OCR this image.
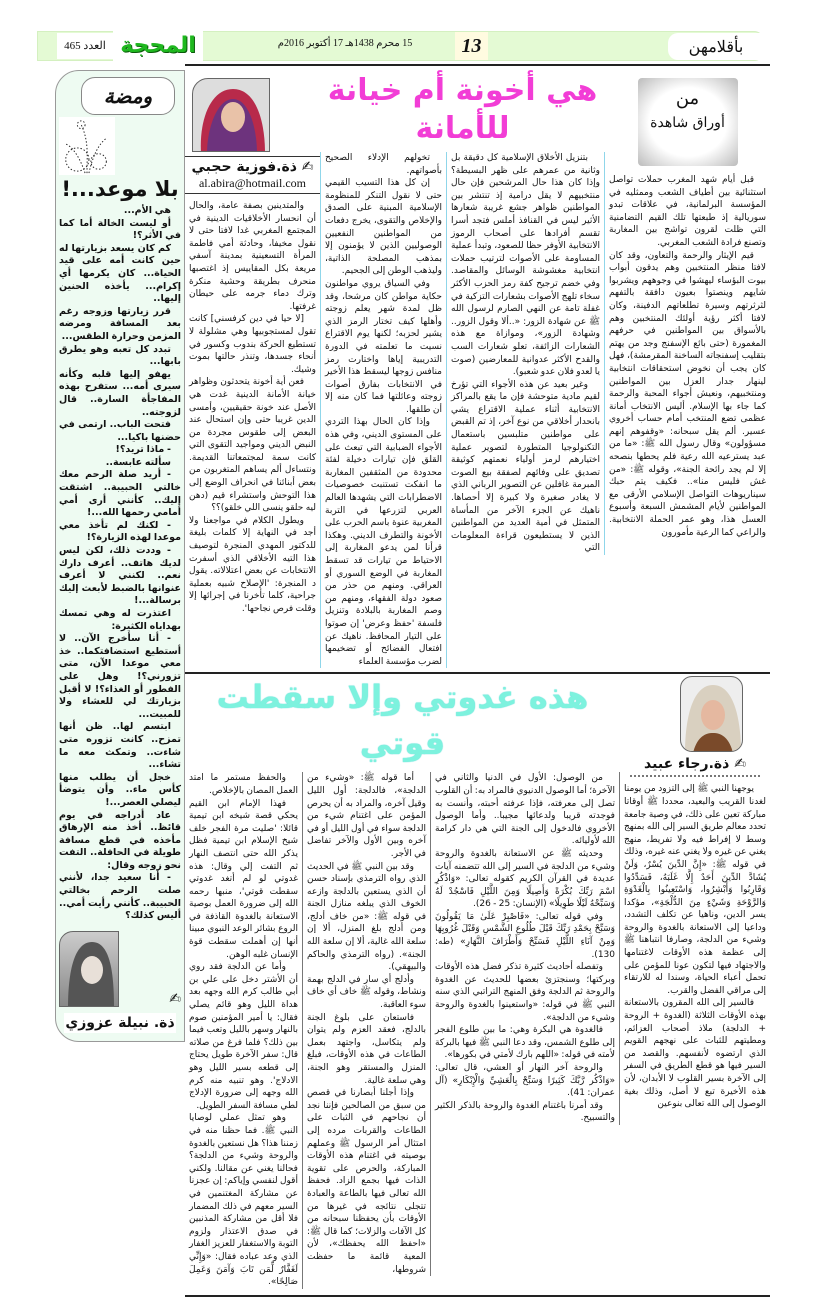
العدد 465 المحجة	15 محرم 1438هـ 17 أكتوبر 2016م	13	بأقلامهن
ومضة
بلا موعد...!

هي الأم...

أو ليست الخالة أما كما في الأثر؟!

كم كان يسعد بزيارتها له حين كانت أمه على قيد الحياة... كان يكرمها أي إكرام... يأخذه الحنين إليها..

قرر زيارتها وزوجه رغم بعد المسافة ومرضه المزمن وحرارة الطقس...

تبدد كل تعبه وهو يطرق بابها...

يهفو إليها قلبه وكأنه سيرى أمه... ستفرح بهذه المفاجأة السارة.. قال لزوجته..

فتحت الباب.. ارتمى في حضنها باكيا...

- ماذا تريد؟!

سألته عابسة..

- أريد صلة الرحم معك خالتي الحبيبة.. اشتقت إليك.. كأنني أرى أمي أمامي رحمها الله...!

- لكنك لم تأخذ معي موعدا لهذه الزيارة؟!

- وددت ذلك، لكن ليس لديك هاتف.. أعرف دارك نعم.. لكنني لا أعرف عنوانها بالضبط لأبعث إليك برسالة...!

اعتذرت له وهي تمسك بهداياه الكثيرة:

- أنا سأخرج الآن.. لا أستطيع استضافتكما.. خذ معي موعدا الآن، متى تزورني؟! وهل على الفطور أو الغذاء؟! لا أقبل بزيارتك لي للعشاء ولا للمبيت...

ابتسم لها.. ظن أنها تمزح.. كانت تزوره متى شاءت.. وتمكث معه ما تشاء...

خجل أن يطلب منها كأس ماء.. وأن يتوضأ ليصلي العصر...!

عاد أدراجه في يوم قائظ.. أخذ منه الإرهاق مأخذه في قطع مسافة طويلة في الحافلة.. التفت نحو زوجه وقال:

- أنا سعيد جدا، لأنني صلت الرحم بخالتي الحبيبة.. كأنني رأيت أمي.. أليس كذلك؟

✍
ذة. نبيلة عزوزي
✍ ذة.فوزية حجبي
al.abira@hotmail.com

والمتدينين بصفة عامة، والحال أن انحسار الأخلاقيات الدينية في المجتمع المغربي غدا لافتا حتى لا نقول مخيفا، وحادثة أمي فاطمة المرأة التسعينية بمدينة آسفي مريعة بكل المقاييس إذ اغتصبها منحرف بطريقة وحشية منكرة وترك دماء جرمه على حيطان غرفتها.

[لا حيا في دين كرفسني] كانت تقول لمستجوبيها وهي مشلولة لا تستطيع الحركة بندوب وكسور في أنحاء جسدها، وتنذر حالتها بموت وشيك.

فعن أية أخونة يتحدثون وظواهر خيانة الأمانة الدينية غدت هي الأصل عند خونة حقيقيين، وأمسى الدين غريبا حتى وإن استحال عند البعض إلى طقوس مجردة من النبض الديني ومواجيد التقوى التي كانت سمة لمجتمعاتنا القديمة. ونتساءل ألم يساهم المتغربون من بعض أبنائنا في انحراف الوضع إلى هذا التوحش واستشراء قيم (دهن ليه حلقو ينسى اللي خلقو)؟؟

ويطول الكلام في مواجعنا ولا أجد في النهاية إلا كلمات بليغة للدكتور المهدي المنجرة لتوصيف هذا التيه الأخلاقي الذي أسفرت الانتخابات عن بعض اعتلالاته. يقول د المنجرة: 'الإصلاح شبيه بعملية جراحية، كلما تأخرنا في إجرائها إلا وقلت فرص نجاحها'.

هي أخونة أم خيانة للأمانة

تخولهم الإدلاء الصحيح بأصواتهم.

إن كل هذا التسيب القيمي حتى لا نقول التنكر للمنظومة الإسلامية المبنية على الصدق والإخلاص والتقوى، يخرج دفعات من المواطنين النفعيين الوصوليين الذين لا يؤمنون إلا بمذهب المصلحة الذاتية، وليذهب الوطن إلى الجحيم.

وفي السياق يروي مواطنون حكاية مواطن كان مرشحا، وقد ظل لمدة شهر يعلم زوجته وأهلها كيف تختار الرمز الذي يشير لحزبه؛ لكنها يوم الاقتراع نسيت ما تعلمته في الدورة التدريبية إياها واختارت رمز منافس زوجها ليسقط هذا الأخير في الانتخابات بفارق أصوات زوجته وعائلتها فما كان منه إلا أن طلقها.

وإذا كان الحال بهذا التردي على المستوى الديني، وفي هذه الأجواء الضبابية التي تبعث على القلق فإن تيارات دخيلة لفئة محدودة من المثقفين المغاربة ما انفكت تستنبت خصوصيات الاضطرابات التي يشهدها العالم العربي لتزرعها في التربة المغربية عنوة باسم الحرب على الأخونة والتطرف الديني. وهكذا قرأنا لمن يدعو المغاربة إلى الاحتياط من تيارات قد تسقط المغاربة في الوضع السوري أو العراقي. ومنهم من حذر من صعود دولة الفقهاء، ومنهم من وصم المغاربة بالبلادة وتنزيل فلسفة 'حفظ وعرض' إن صوتوا على التيار المحافظ. ناهيك عن افتعال الفضائح أو تضخيمها لضرب مؤسسة العلماء

بتنزيل الأخلاق الإسلامية كل دقيقة بل وثانية من عمرهم على ظهر البسيطة؟ وإذا كان هذا حال المرشحين فإن حال منتخبيهم لا يقل درامية إذ تنتشر بين المواطنين ظواهر جشع غريبة شعارها الأثير ليس في القنافذ أملس فتجد أسرا تقسم أفرادها على أصحاب الرموز الانتخابية الأوفر حظا للصعود، وتبدأ عملية المساومة على الأصوات لترتيب حملات انتخابية مغشوشة الوسائل والمقاصد. وفي خضم ترجيح كفة رمز الحزب الأكثر سخاء تلهج الأصوات بشعارات التزكية في غفلة تامة عن النهي الصارم لرسول الله ﷺ عن شهادة الزور: «..ألا وقول الزور.. وشهادة الزور»، وموازاة مع هذه الشعارات الزائفة، تعلو شعارات السب والقدح الأكثر عدوانية للمعارضين (صوت يا لعدو فلان عدو شعبو).

وغير بعيد عن هذه الأجواء التي تؤرخ لقيم مادية متوحشة فإن ما يقع بالمراكز الانتخابية أثناء عملية الاقتراع يشي بانحدار أخلاقي من نوع آخر، إذ تم القبض على مواطنين متلبسين باستعمال التكنولوجيا المتطورة لتصوير عملية اختيارهم لرمز أولياء نعمتهم كوثيقة تصديق على وفائهم لصفقة بيع الصوت المبرمة غافلين عن التصوير الرباني الذي لا يغادر صغيرة ولا كبيرة إلا أحصاها. ناهيك عن الجزء الآخر من المأساة المتمثل في أمية العديد من المواطنين الذين لا يستطيعون قراءة المعلومات التي

من
أوراق شاهدة

قبل أيام شهد المغرب حملات تواصل استثنائية بين أطياف الشعب وممثليه في المؤسسة البرلمانية، في علاقات تبدو سوريالية إذ طبعتها تلك القيم التضامنية التي ظلت لقرون تواشج بين المغاربة وتصنع فرادة الشعب المغربي.

قيم الإيثار والرحمة والتعاون، وقد كان لافتا منظر المنتخبين وهم يدقون أبواب بيوت البؤساء ليهشوا في وجوههم ويشربوا شايهم وينصتوا بعيون دافقة بالتفهم لثرثرتهم وسيرة تطلعاتهم الدفينة، وكان لافتا أكثر رؤية أولئك المنتخبين وهم بالأسواق بين المواطنين في حرفهم المغمورة (حتى بائع الإسفنج وجد من يهتم بتقليب إسفنجاته الساخنة المقرمشة)، فهل كان يجب أن نخوض استحقاقات انتخابية لينهار جدار العزل بين المواطنين ومنتخبيهم، ونعيش أجواء المحبة والرحمة كما جاء بها الإسلام. أليس الانتخاب أمانة عظمى تضع المنتخب أمام حساب أخروي عسير. ألم يقل سبحانه: «وقفوهم إنهم مسؤولون» وقال رسول الله ﷺ: «ما من عبد يسترعيه الله رعية فلم يحطها بنصحه إلا لم يجد رائحة الجنة»، وقوله ﷺ: «من غش فليس منا».. فكيف يتم حبك سيناريوهات التواصل الإسلامي الأرقى مع المواطنين لأيام المشمش السبعة وأسبوع العسل هذا، وهو عمر الحملة الانتخابية. والراعي كما الرعية مأمورون

هذه غدوتي وإلا سقطت قوتي

والحفظ مستمر ما امتد العمل المصان بالإخلاص.

فهذا الإمام ابن القيم يحكي قصة شيخه ابن تيمية قائلا: 'صليت مرة الفجر خلف شيخ الإسلام ابن تيمية فظل يذكر الله حتى انتصف النهار ثم التفت إلي وقال: هذه غدوتي لو لم أتغد غدوتي سقطت قوتي'، منبها رحمه الله إلى ضرورة العمل بوصية الاستعانة بالغدوة القاذفة في الروع بشائر الوعد النبوي مبينا أنها إن أهملت سقطت قوة الإنسان غلبه الوهن.

وأما عن الدلجة فقد روي أن الأشتر دخل على علي بن أبي طالب كرم الله وجهه بعد هداة الليل وهو قائم يصلي فقال: يا أمير المؤمنين صوم بالنهار وسهر بالليل وتعب فيما بين ذلك؟ فلما فرغ من صلاته قال: سفر الآخرة طويل يحتاج إلى قطعه بسير الليل وهو الادلاج'. وهو تنبيه منه كرم الله وجهه إلى ضرورة الإدلاج لطي مسافة السفر الطويل.

وهو تمثل عملي لوصايا النبي ﷺ. فما حظنا منه في زمننا هذا؟ هل نستعين بالغدوة والروحة وشيء من الدلجة؟ فحالنا يغني عن مقالنا. ولكني أقول لنفسي وإياكم: إن عجزنا عن مشاركة المغتنمين في السير معهم في ذلك المضمار فلا أقل من مشاركة المذنبين في صدق الاعتذار ولزوم التوبة والاستغفار للعزيز الغفار الذي وعد عباده فقال: «وَإِنِّي لَغَفَّارٌ لِّمَن تَابَ وَآمَنَ وَعَمِلَ صَالِحًا».

أما قوله ﷺ: «وشيء من الدلجة»، فالدلجة: أول الليل وقيل آخره، والمراد به أن يحرص المؤمن على اغتنام شيء من الدلجة سواء في أول الليل أو في آخره وبين الأول والآخر تفاضل في الأجر.

وقد بين النبي ﷺ في الحديث الذي رواه الترمذي بإسناد حسن أن الذي يستعين بالدلجة وازعه الخوف الذي يبلغه منازل الجنة في قوله ﷺ: «من خاف أدلج، ومن أدلج بلغ المنزل، ألا إن سلعة الله غالية، ألا إن سلعة الله الجنة». (رواه الترمذي والحاكم والبيهقي).

وأدلج أي سار في الدلج بهمة ونشاط، وقوله ﷺ خاف أي خاف سوء العاقبة.

فاستعان على بلوغ الجنة بالدلج، فعقد العزم ولم يتوان ولم يتكاسل، واجتهد بعمل الطاعات في هذه الأوقات، فبلغ المنزل والمستقر وهو الجنة، وهي سلعة غالية.

وإذا أجلنا أبصارنا في قصص من سبق من الصالحين فإننا نجد أن نجاحهم في الثبات على الطاعات والقربات مرده إلى امتثال أمر الرسول ﷺ وعملهم بوصيته في اغتنام هذه الأوقات المباركة، والحرص على تقوية الذات فيها بجمع الزاد. فحفظ الله تعالى فيها بالطاعة والعبادة تتجلى نتائجه في غيرها من الأوقات بأن يحفظنا سبحانه من كل الآفات والزلات؛ كما قال ﷺ: «احفظ الله يحفظك»، لأن المعية قائمة ما حفظت شروطها،

من الوصول: الأول في الدنيا والثاني في الآخرة؛ أما الوصول الدنيوي فالمراد به: أن القلوب تصل إلى معرفته، فإذا عرفته أحبته، وأنست به فوجدته قريبا ولدعائها مجيبا.. وأما الوصول الأخروي فالدخول إلى الجنة التي هي دار كرامة الله لأوليائه.

وحديثه ﷺ عن الاستعانة بالغدوة والروحة وشيء من الدلجة في السير إلى الله تتضمنه آيات عديدة في القرآن الكريم كقوله تعالى: «وَاذْكُرِ اسْمَ رَبِّكَ بُكْرَةً وَأَصِيلًا وَمِنَ اللَّيْلِ فَاسْجُدْ لَهُ وَسَبِّحْهُ لَيْلًا طَوِيلًا» (الإنسان: 25 - 26).

وفي قوله تعالى: «فَاصْبِرْ عَلَىٰ مَا يَقُولُونَ وَسَبِّحْ بِحَمْدِ رَبِّكَ قَبْلَ طُلُوعِ الشَّمْسِ وَقَبْلَ غُرُوبِهَا وَمِنْ آنَاءِ اللَّيْلِ فَسَبِّحْ وَأَطْرَافَ النَّهَارِ» (طه: 130).

وتفصله أحاديث كثيرة تذكر فضل هذه الأوقات وبركتها؛ وسنجتزئ بعضها للحديث عن الغدوة والروحة ثم الدلجة وفق المنهج التراتبي الذي سنه النبي ﷺ في قوله: «واستعينوا بالغدوة والروحة وشيء من الدلجة».

فالغدوة هي البكرة وهي: ما بين طلوع الفجر إلى طلوع الشمس، وقد دعا النبي ﷺ فيها بالبركة لأمته في قوله: «اللهم بارك لأمتي في بكورها».

والروحة آخر النهار أو العشي، قال تعالى: «وَاذْكُر رَّبَّكَ كَثِيرًا وَسَبِّحْ بِالْعَشِيِّ وَالْإِبْكَارِ» (آل عمران: 41).

وقد أمرنا باغتنام الغدوة والروحة بالذكر الكثير والتسبيح.

✍ ذة.رجاء عبيد

يوجهنا النبي ﷺ إلى التزود من يومنا لغدنا القريب والبعيد، محددا ﷺ أوقاتا مباركة تعين على ذلك، في وصية جامعة تحدد معالم طريق السير إلى الله بمنهج وسط لا إفراط فيه ولا تفريط، منهج يغني عن غيره ولا يغني عنه غيره، وذلك في قوله ﷺ: «إِنَّ الدِّينَ يُسْرٌ، وَلَنْ يُشَادَّ الدِّينَ أَحَدٌ إِلَّا غَلَبَهُ، فَسَدِّدُوا وَقَارِبُوا وَأَبْشِرُوا، وَاسْتَعِينُوا بِالْغَدْوَةِ وَالرَّوْحَةِ وَشَيْءٍ مِنَ الدُّلْجَةِ»، مؤكدا يسر الدين، وناهيا عن تكلف التشدد، وداعيا إلى الاستعانة بالغدوة والروحة وشيء من الدلجة، وصارفا انتباهنا ﷺ إلى عظمة هذه الأوقات لاغتنامها والاجتهاد فيها لتكون عونا للمؤمن على تحمل أعباء الحياة، وسندا له للارتقاء إلى مراقي الفضل والقرب.

فالسير إلى الله المقرون بالاستعانة بهذه الأوقات الثلاثة (الغدوة + الروحة + الدلجة) ملاذ أصحاب العزائم، ومطيتهم للثبات على نهجهم القويم الذي ارتضوه لأنفسهم. والقصد من السير فيها هو قطع الطريق في السفر إلى الآخرة بسير القلوب لا الأبدان، لأن هذه الأخيرة تبع لا أصل، وذلك بغية الوصول إلى الله تعالى بنوعين
